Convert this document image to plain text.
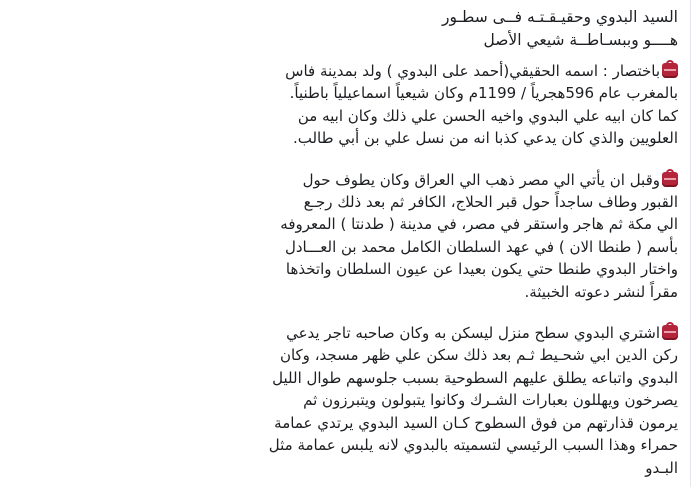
السيد البدوي وحقيـقـتـه فــى سطـور
هــــو وببسـاطــة شيعي الأصل
باختصار : اسمه الحقيقي(أحمد على البدوي ) ولد بمدينة فاس
بالمغرب عام 596هجرياً / 1199م وكان شيعياً اسماعيلياً باطنياً.
كما كان ابيه علي البدوي واخيه الحسن علي ذلك وكان ابيه من
العلويين والذي كان يدعي كذبا انه من نسل علي بن أبي طالب.
وقبل ان يأتي الي مصر ذهب الي العراق وكان يطوف حول
القبور وطاف ساجداً حول قبر الحلاج، الكافر ثم بعد ذلك رجـع
الي مكة ثم هاجر واستقر في مصر، في مدينة ( طدنتا ) المعروفه
بأسم ( طنطا الان ) في عهد السلطان الكامل محمد بن العـــادل
واختار البدوي طنطا حتي يكون بعيدا عن عيون السلطان واتخذها
مقراً لنشر دعوته الخبيثة.
اشتري البدوي سطح منزل ليسكن به وكان صاحبه تاجر يدعي
ركن الدين ابي شحـيط ثـم بعد ذلك سكن علي ظهر مسجد، وكان
البدوي واتباعه يطلق عليهم السطوحية بسبب جلوسهم طوال الليل
يصرخون ويهللون بعبارات الشـرك وكانوا يتبولون ويتبرزون ثم
يرمون قذارتهم من فوق السطوح كـان السيد البدوي يرتدي عمامة
حمراء وهذا السبب الرئيسي لتسميته بالبدوي لانه يلبس عمامة مثل
البـدو
